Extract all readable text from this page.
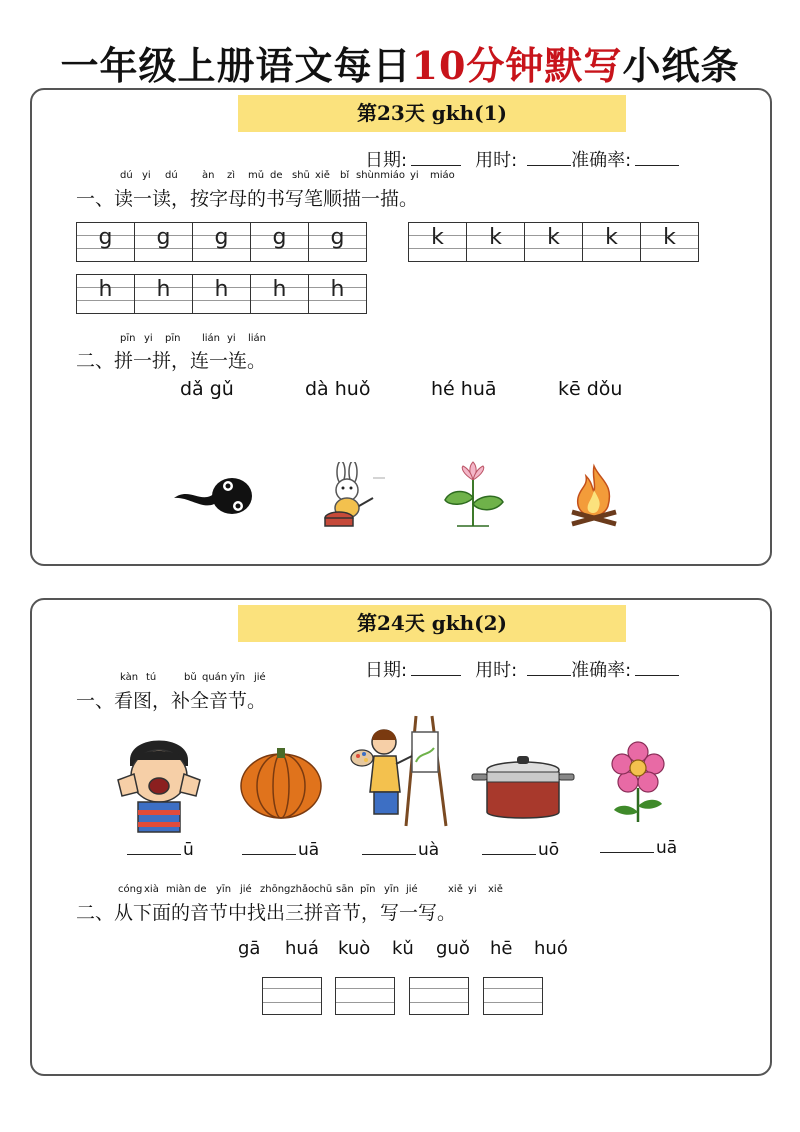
一年级上册语文每日10分钟默写小纸条
第23天 gkh(1)
日期:	用时:	准确率:
dú yi dú àn zì mǔ de shū xiě bǐ shùnmiáo yi miáo
一、读一读，按字母的书写笔顺描一描。
g	g	g	g	g	k	k	k	k	k
h	h	h	h	h
pīn yi pīn lián yi lián
二、拼一拼，连一连。
dǎ gǔ	dà huǒ	hé huā	kē dǒu
第24天 gkh(2)
日期:	用时:	准确率:
kàn tú	bǔ quán yīn jié
一、看图，补全音节。
ū	uā	uà	uō	uā
cóng xià miàn de yīn jié zhōngzhǎo chū sān pīn yīn jié	xiě yi xiě
二、从下面的音节中找出三拼音节，写一写。
gā huá kuò kǔ guǒ hē huó
